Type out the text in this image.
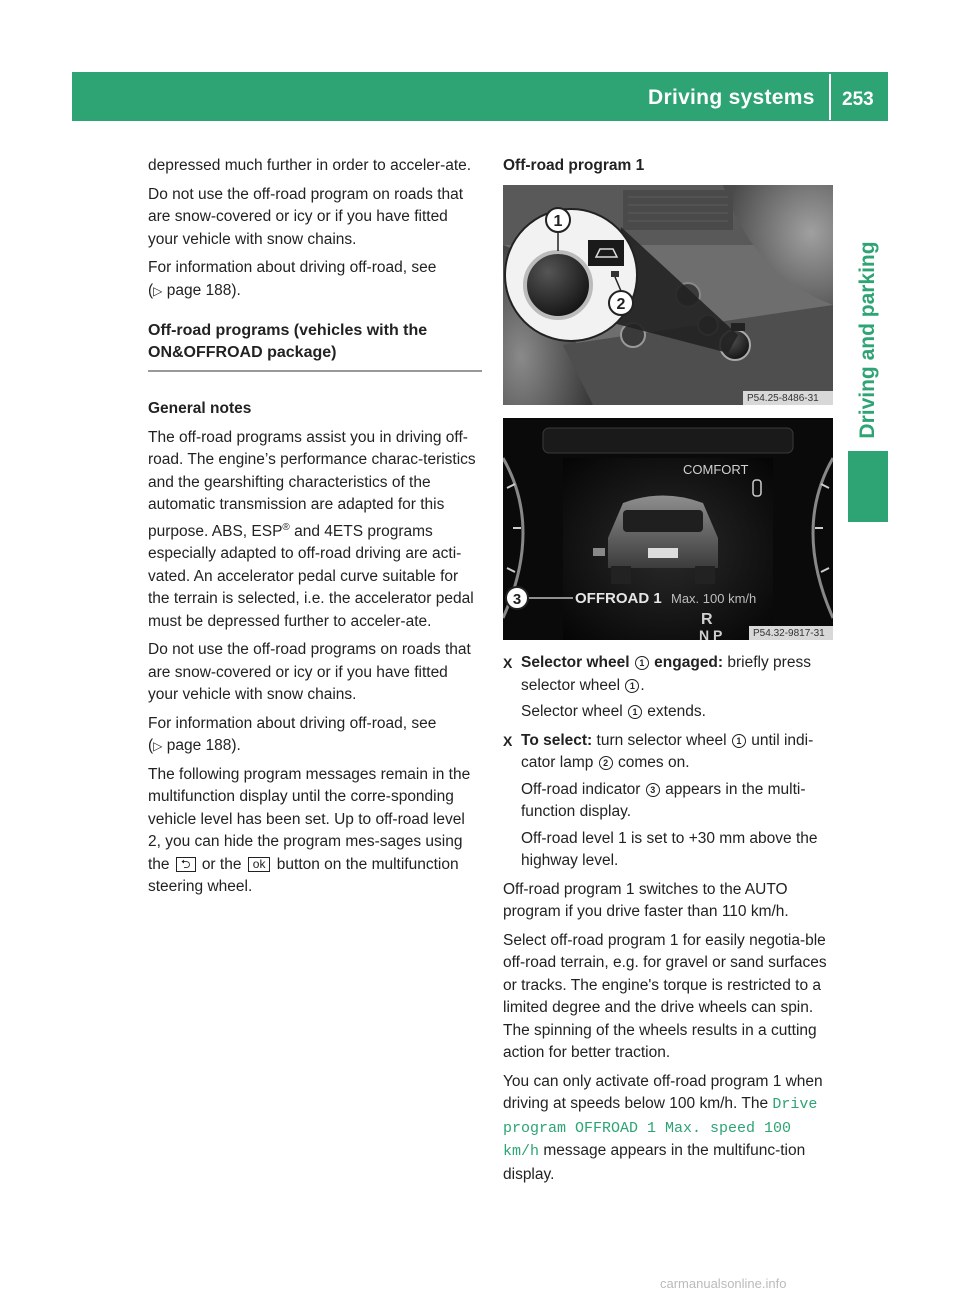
Driving systems 253
Driving and parking

depressed much further in order to acceler-ate.

Do not use the off-road program on roads that are snow-covered or icy or if you have fitted your vehicle with snow chains.

For information about driving off-road, see
(▷ page 188).

Off-road programs (vehicles with the ON&OFFROAD package)
General notes

The off-road programs assist you in driving off-road. The engine’s performance charac-teristics and the gearshifting characteristics of the automatic transmission are adapted for this purpose. ABS, ESP® and 4ETS programs especially adapted to off-road driving are acti-vated. An accelerator pedal curve suitable for the terrain is selected, i.e. the accelerator pedal must be depressed further to acceler-ate.

Do not use the off-road programs on roads that are snow-covered or icy or if you have fitted your vehicle with snow chains.

For information about driving off-road, see
(▷ page 188).

The following program messages remain in the multifunction display until the corre-sponding vehicle level has been set. Up to off-road level 2, you can hide the program mes-sages using the ⮌ or the ok button on the multifunction steering wheel.

Off-road program 1
1
2
P54.25-8486-31
COMFORT
3	OFFROAD 1 Max. 100 km/h
R
N P	P54.32-9817-31
X Selector wheel 1 engaged: briefly press selector wheel 1 .
Selector wheel 1 extends.
X To select: turn selector wheel 1 until indi-cator lamp 2 comes on.
Off-road indicator 3 appears in the multi-function display.
Off-road level 1 is set to +30 mm above the highway level.

Off-road program 1 switches to the AUTO program if you drive faster than 110 km/h.

Select off-road program 1 for easily negotia-ble off-road terrain, e.g. for gravel or sand surfaces or tracks. The engine's torque is restricted to a limited degree and the drive wheels can spin. The spinning of the wheels results in a cutting action for better traction.

You can only activate off-road program 1 when driving at speeds below 100 km/h. The Drive program OFFROAD 1 Max. speed 100 km/h message appears in the multifunc-tion display.

carmanualsonline.info
